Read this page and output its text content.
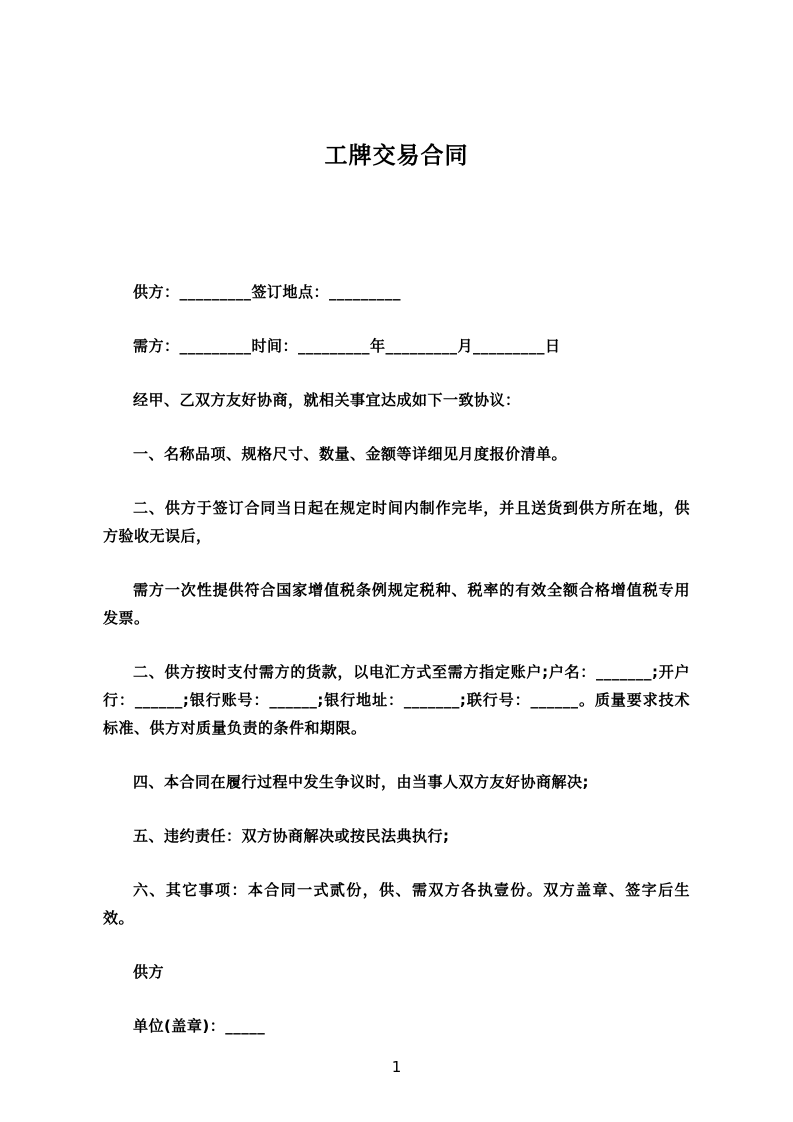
工牌交易合同

供方：_________签订地点：_________

需方：_________时间：_________年_________月_________日

经甲、乙双方友好协商，就相关事宜达成如下一致协议：

一、名称品项、规格尺寸、数量、金额等详细见月度报价清单。

二、供方于签订合同当日起在规定时间内制作完毕，并且送货到供方所在地，供方验收无误后，

需方一次性提供符合国家增值税条例规定税种、税率的有效全额合格增值税专用发票。

二、供方按时支付需方的货款，以电汇方式至需方指定账户;户名：_______;开户行：______;银行账号：______;银行地址：_______;联行号：______。质量要求技术标准、供方对质量负责的条件和期限。

四、本合同在履行过程中发生争议时，由当事人双方友好协商解决;

五、违约责任：双方协商解决或按民法典执行;

六、其它事项：本合同一式贰份，供、需双方各执壹份。双方盖章、签字后生效。

供方

单位(盖章)：_____

1
